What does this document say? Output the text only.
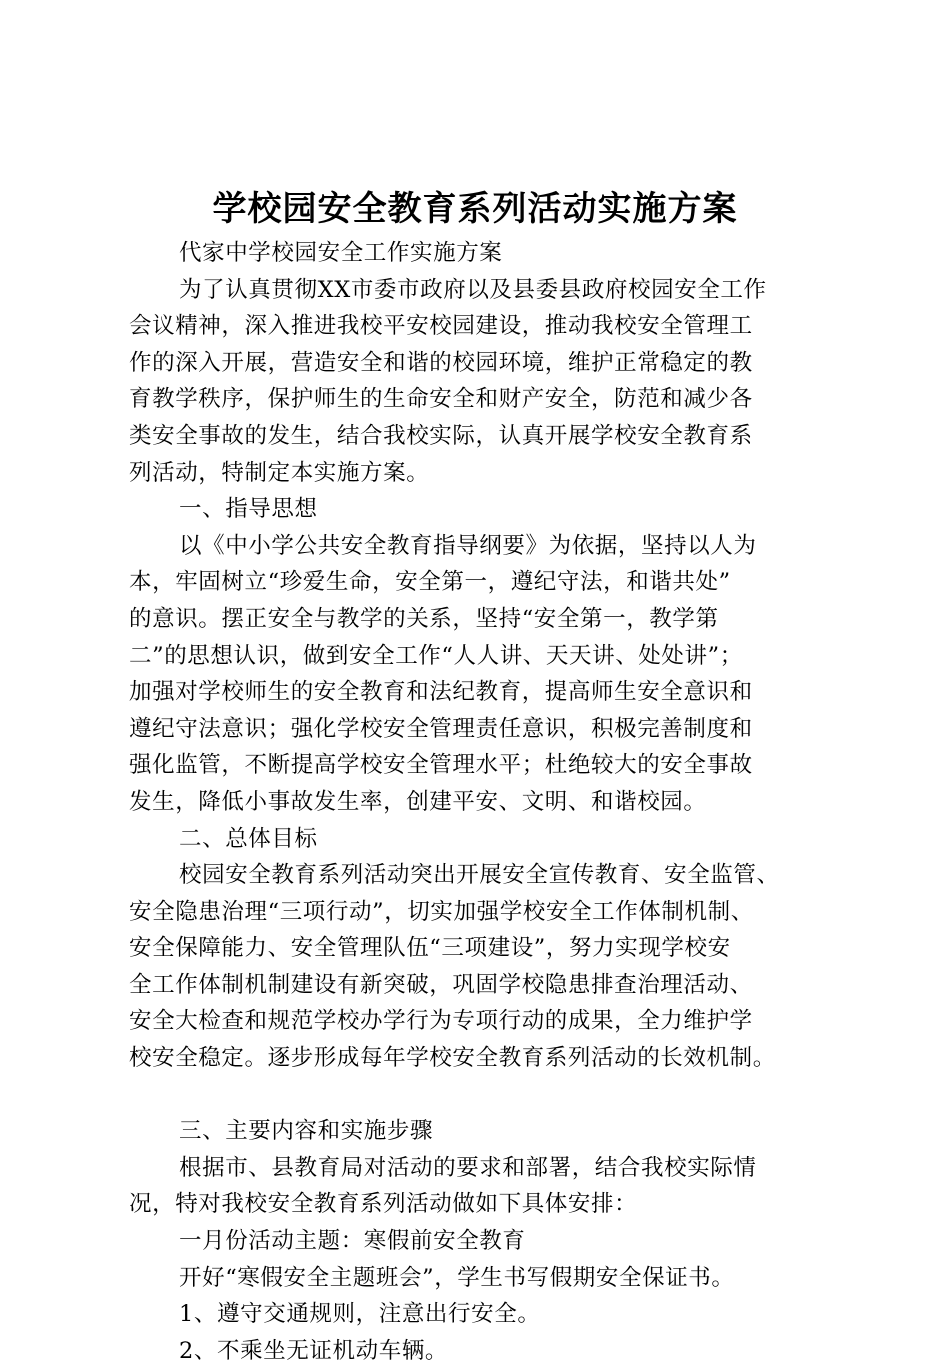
学校园安全教育系列活动实施方案
代家中学校园安全工作实施方案
为了认真贯彻XX市委市政府以及县委县政府校园安全工作
会议精神，深入推进我校平安校园建设，推动我校安全管理工
作的深入开展，营造安全和谐的校园环境，维护正常稳定的教
育教学秩序，保护师生的生命安全和财产安全，防范和减少各
类安全事故的发生，结合我校实际，认真开展学校安全教育系
列活动，特制定本实施方案。
一、指导思想
以《中小学公共安全教育指导纲要》为依据，坚持以人为
本，牢固树立“珍爱生命，安全第一，遵纪守法，和谐共处”
的意识。摆正安全与教学的关系，坚持“安全第一，教学第
二”的思想认识，做到安全工作“人人讲、天天讲、处处讲”；
加强对学校师生的安全教育和法纪教育，提高师生安全意识和
遵纪守法意识；强化学校安全管理责任意识，积极完善制度和
强化监管，不断提高学校安全管理水平；杜绝较大的安全事故
发生，降低小事故发生率，创建平安、文明、和谐校园。
二、总体目标
校园安全教育系列活动突出开展安全宣传教育、安全监管、
安全隐患治理“三项行动”，切实加强学校安全工作体制机制、
安全保障能力、安全管理队伍“三项建设”，努力实现学校安
全工作体制机制建设有新突破，巩固学校隐患排查治理活动、
安全大检查和规范学校办学行为专项行动的成果，全力维护学
校安全稳定。逐步形成每年学校安全教育系列活动的长效机制。
三、主要内容和实施步骤
根据市、县教育局对活动的要求和部署，结合我校实际情
况，特对我校安全教育系列活动做如下具体安排：
一月份活动主题：寒假前安全教育
开好“寒假安全主题班会”，学生书写假期安全保证书。
1、遵守交通规则，注意出行安全。
2、不乘坐无证机动车辆。
